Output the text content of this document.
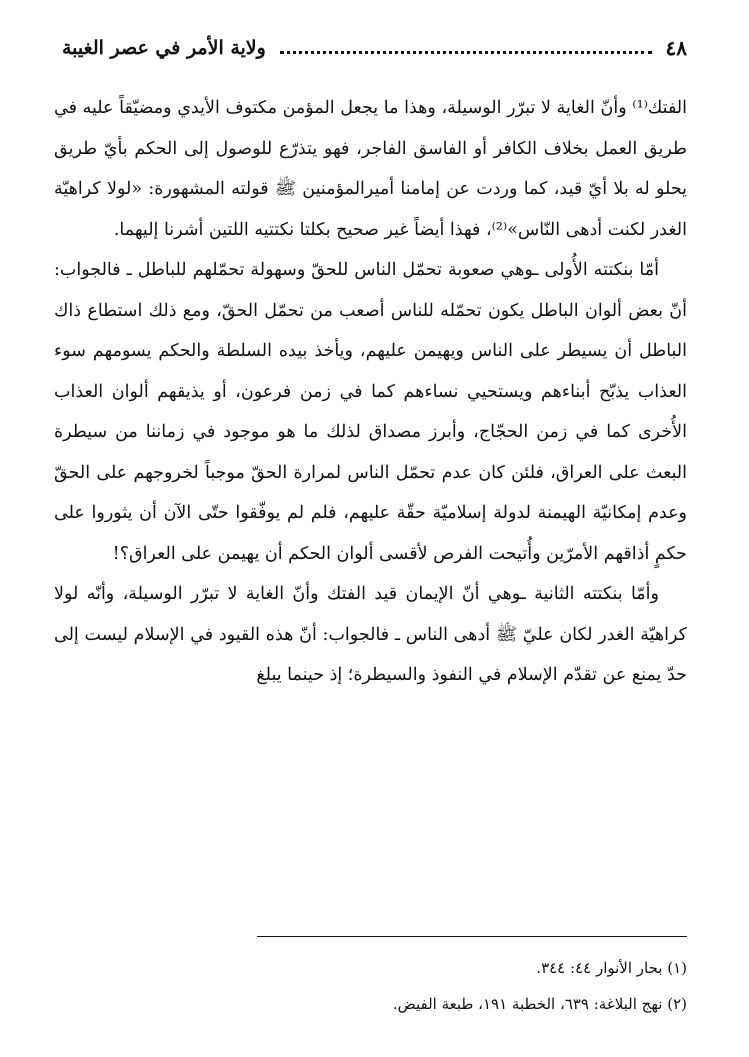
٤٨
ولاية الأمر في عصر الغيبة

الفتك⁽¹⁾ وأنّ الغاية لا تبرّر الوسيلة، وهذا ما يجعل المؤمن مكتوف الأيدي ومضيّقاً عليه في طريق العمل بخلاف الكافر أو الفاسق الفاجر، فهو يتذرّع للوصول إلى الحكم بأيّ طريق يحلو له بلا أيّ قيد، كما وردت عن إمامنا أميرالمؤمنين ﷺ قولته المشهورة: «لولا كراهيّة الغدر لكنت أدهى النّاس»⁽²⁾، فهذا أيضاً غير صحيح بكلتا نكتتيه اللتين أشرنا إليهما.

أمّا بنكتته الأُولى ـوهي صعوبة تحمّل الناس للحقّ وسهولة تحمّلهم للباطل ـ فالجواب: أنّ بعض ألوان الباطل يكون تحمّله للناس أصعب من تحمّل الحقّ، ومع ذلك استطاع ذاك الباطل أن يسيطر على الناس ويهيمن عليهم، ويأخذ بيده السلطة والحكم يسومهم سوء العذاب يذبّح أبناءهم ويستحيي نساءهم كما في زمن فرعون، أو يذيقهم ألوان العذاب الأُخرى كما في زمن الحجّاج، وأبرز مصداق لذلك ما هو موجود في زماننا من سيطرة البعث على العراق، فلئن كان عدم تحمّل الناس لمرارة الحقّ موجباً لخروجهم على الحقّ وعدم إمكانيّة الهيمنة لدولة إسلاميّة حقّة عليهم، فلم لم يوفّقوا حتّى الآن أن يثوروا على حكمٍ أذاقهم الأمرّين وأُتيحت الفرص لأقسى ألوان الحكم أن يهيمن على العراق؟!

وأمّا بنكتته الثانية ـوهي أنّ الإيمان قيد الفتك وأنّ الغاية لا تبرّر الوسيلة، وأنّه لولا كراهيّة الغدر لكان عليّ ﷺ أدهى الناس ـ فالجواب: أنّ هذه القيود في الإسلام ليست إلى حدّ يمنع عن تقدّم الإسلام في النفوذ والسيطرة؛ إذ حينما يبلغ

(١) بحار الأنوار ٤٤: ٣٤٤.

(٢) نهج البلاغة: ٦٣٩، الخطبة ١٩١، طبعة الفيض.
